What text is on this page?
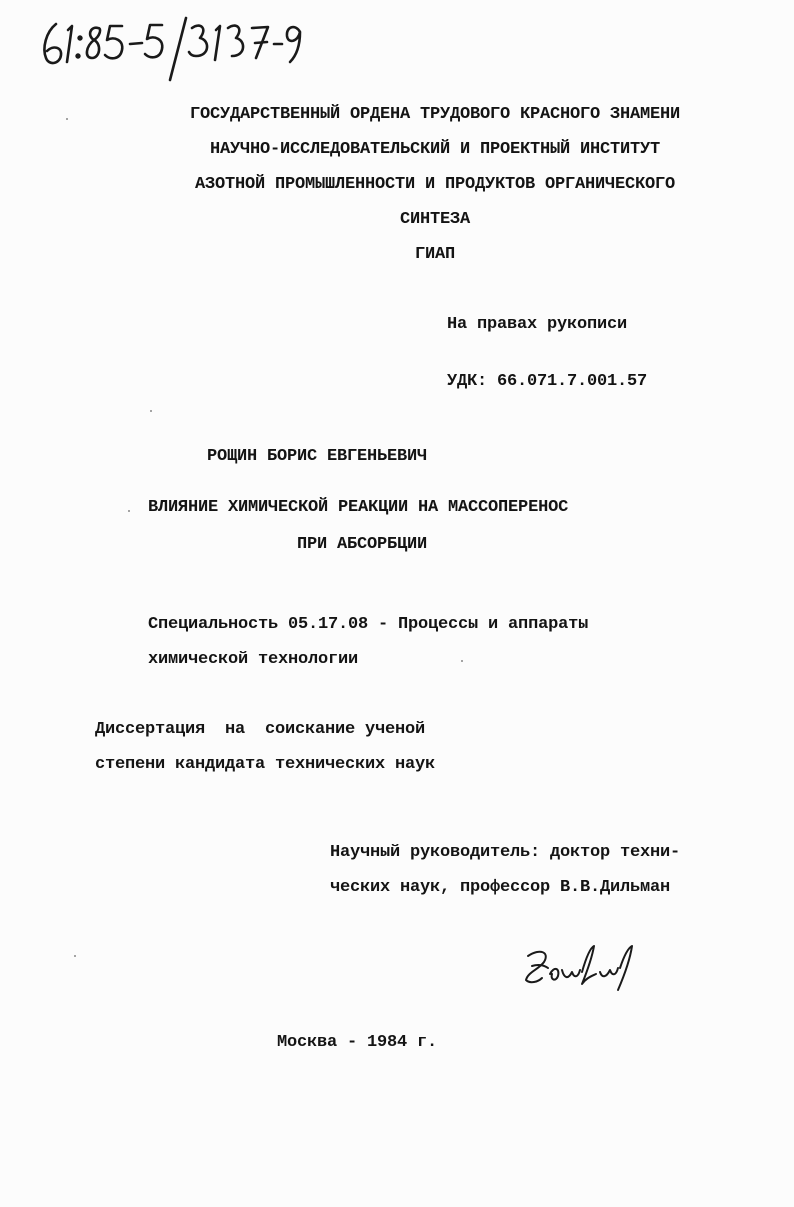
ГОСУДАРСТВЕННЫЙ ОРДЕНА ТРУДОВОГО КРАСНОГО ЗНАМЕНИ
НАУЧНО-ИССЛЕДОВАТЕЛЬСКИЙ И ПРОЕКТНЫЙ ИНСТИТУТ
АЗОТНОЙ ПРОМЫШЛЕННОСТИ И ПРОДУКТОВ ОРГАНИЧЕСКОГО
СИНТЕЗА
ГИАП
На правах рукописи
УДК: 66.071.7.001.57
РОЩИН БОРИС ЕВГЕНЬЕВИЧ
ВЛИЯНИЕ ХИМИЧЕСКОЙ РЕАКЦИИ НА МАССОПЕРЕНОС
ПРИ АБСОРБЦИИ
Специальность 05.17.08 - Процессы и аппараты
химической технологии
Диссертация  на  соискание ученой
степени кандидата технических наук
Научный руководитель: доктор техни-
ческих наук, профессор В.В.Дильман
Москва - 1984 г.
